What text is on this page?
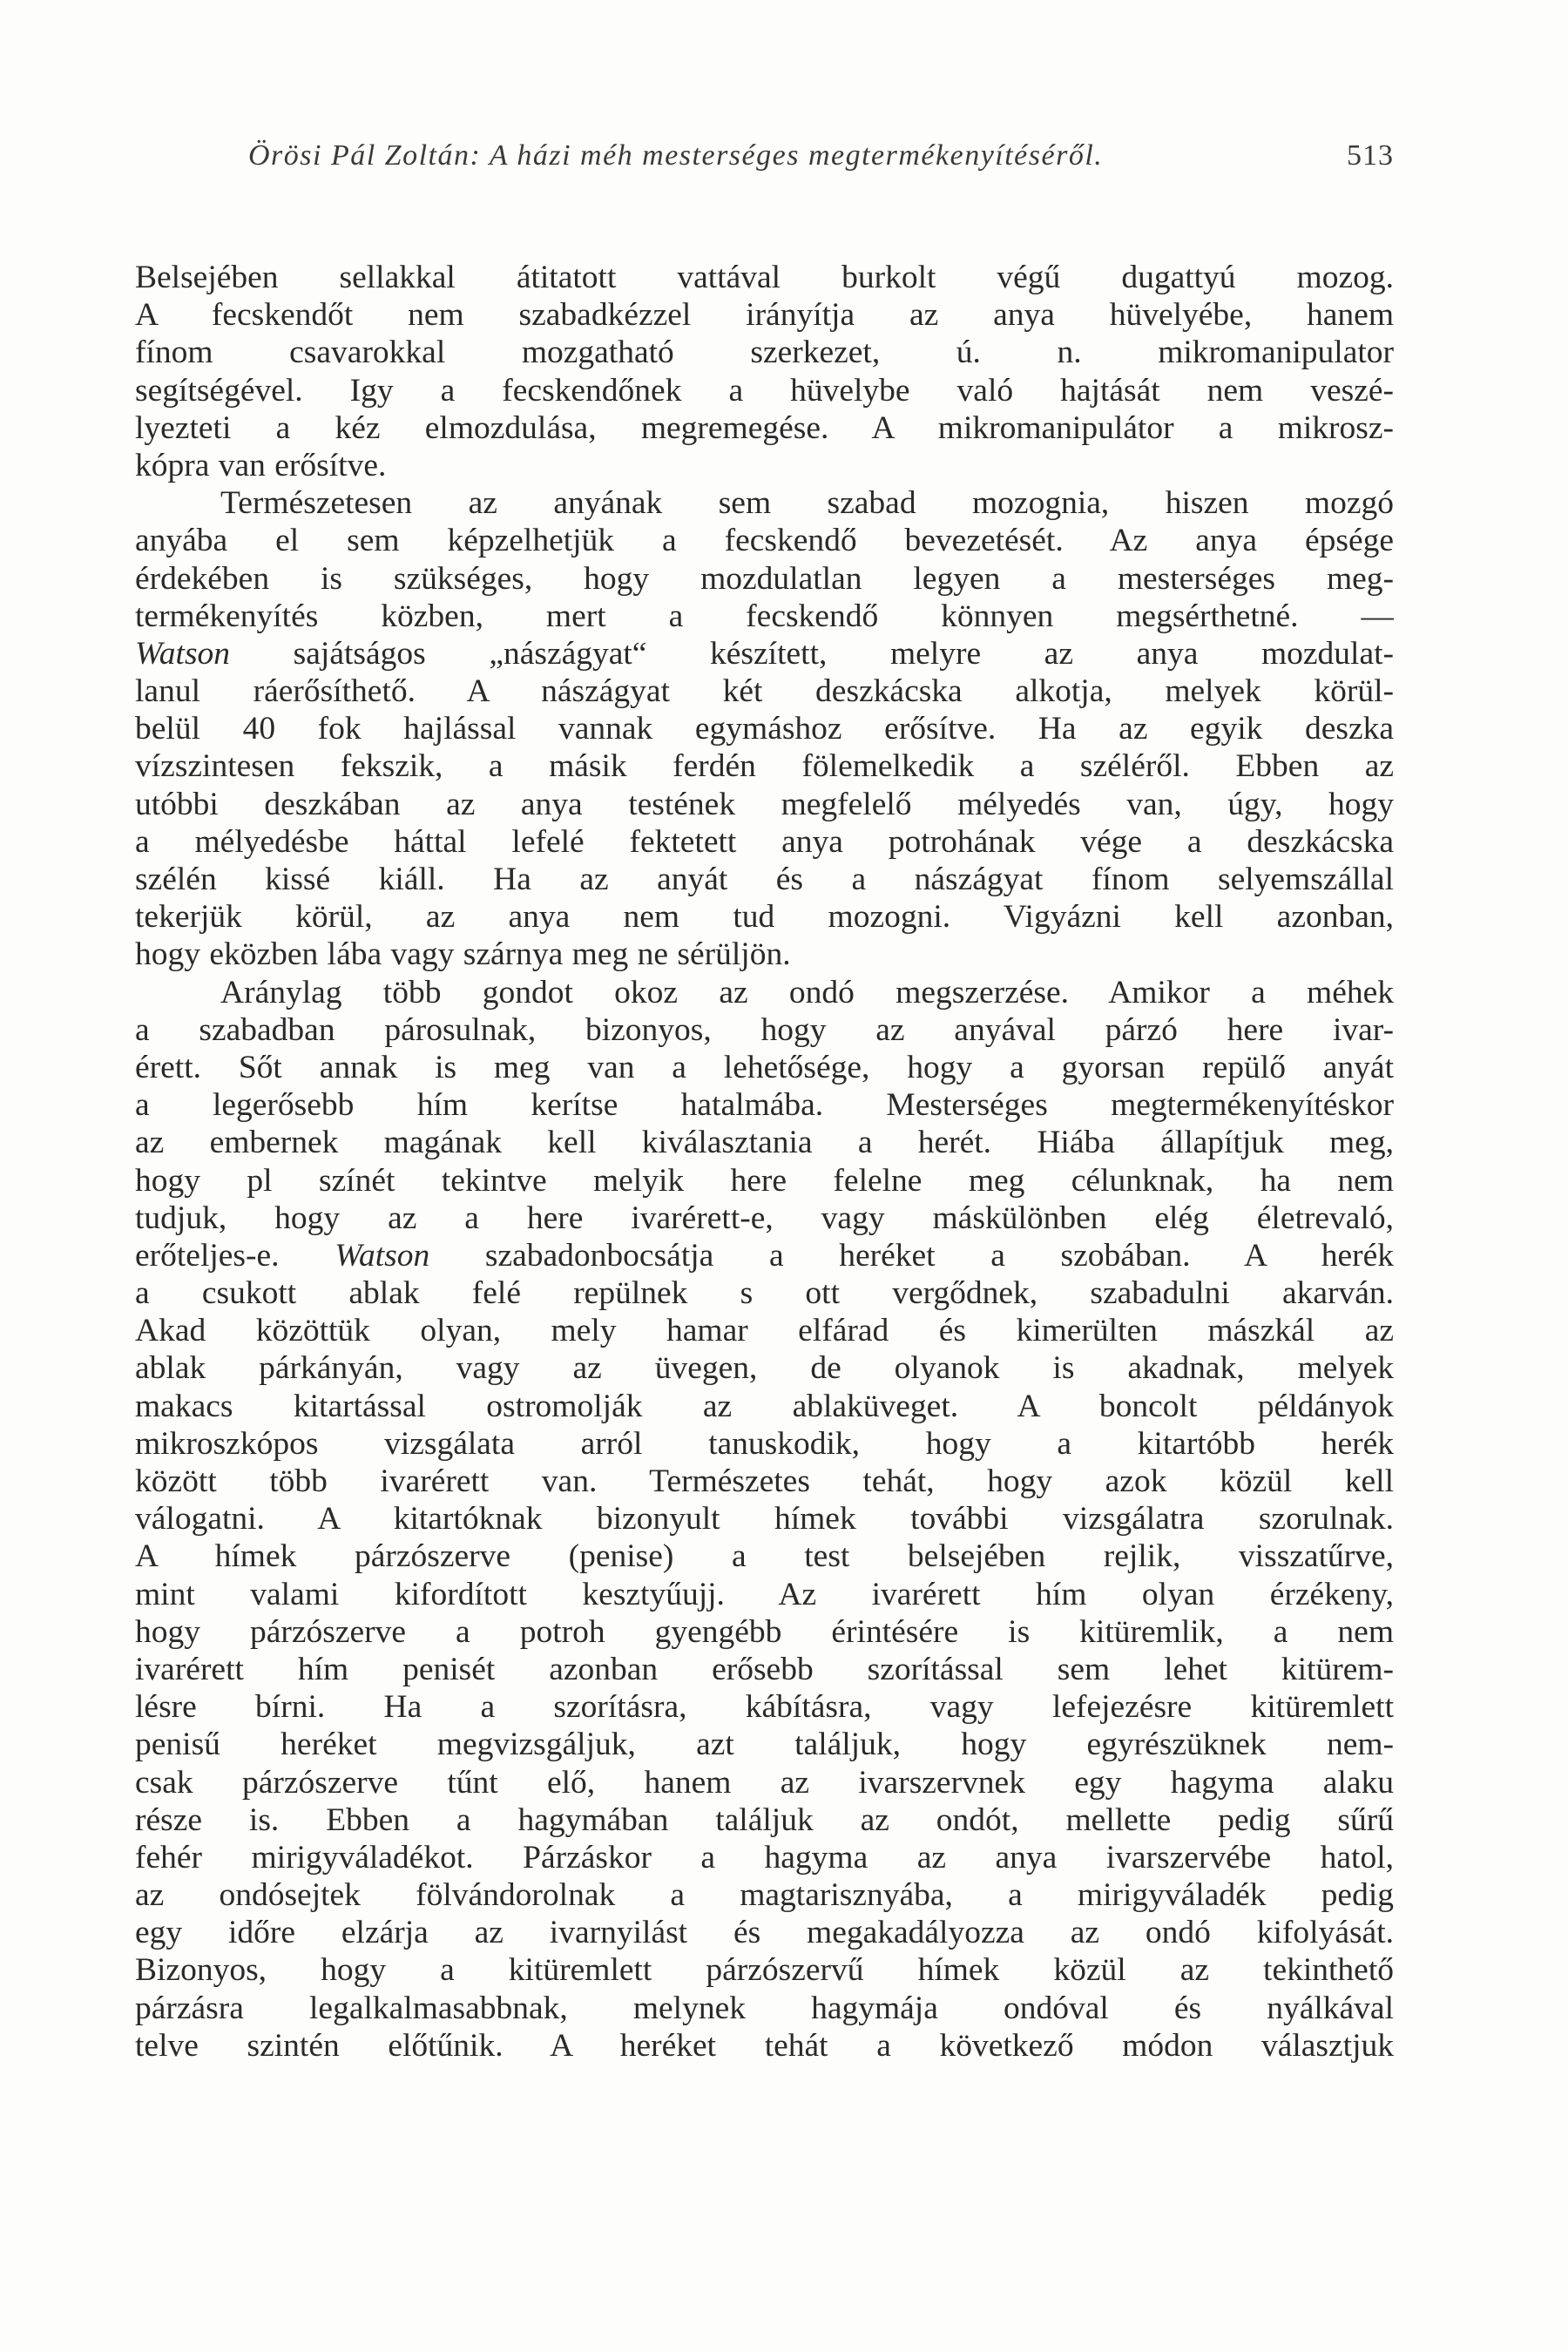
Örösi Pál Zoltán: A házi méh mesterséges megtermékenyítéséről.	513
Belsejében sellakkal átitatott vattával burkolt végű dugattyú mozog.
A fecskendőt nem szabadkézzel irányítja az anya hüvelyébe, hanem
fínom csavarokkal mozgatható szerkezet, ú. n. mikromanipulator
segítségével. Igy a fecskendőnek a hüvelybe való hajtását nem veszé-
lyezteti a kéz elmozdulása, megremegése. A mikromanipulátor a mikrosz-
kópra van erősítve.
Természetesen az anyának sem szabad mozognia, hiszen mozgó
anyába el sem képzelhetjük a fecskendő bevezetését. Az anya épsége
érdekében is szükséges, hogy mozdulatlan legyen a mesterséges meg-
termékenyítés közben, mert a fecskendő könnyen megsérthetné. —
Watson sajátságos „nászágyat“ készített, melyre az anya mozdulat-
lanul ráerősíthető. A nászágyat két deszkácska alkotja, melyek körül-
belül 40 fok hajlással vannak egymáshoz erősítve. Ha az egyik deszka
vízszintesen fekszik, a másik ferdén fölemelkedik a széléről. Ebben az
utóbbi deszkában az anya testének megfelelő mélyedés van, úgy, hogy
a mélyedésbe háttal lefelé fektetett anya potrohának vége a deszkácska
szélén kissé kiáll. Ha az anyát és a nászágyat fínom selyemszállal
tekerjük körül, az anya nem tud mozogni. Vigyázni kell azonban,
hogy eközben lába vagy szárnya meg ne sérüljön.
Aránylag több gondot okoz az ondó megszerzése. Amikor a méhek
a szabadban párosulnak, bizonyos, hogy az anyával párzó here ivar-
érett. Sőt annak is meg van a lehetősége, hogy a gyorsan repülő anyát
a legerősebb hím kerítse hatalmába. Mesterséges megtermékenyítéskor
az embernek magának kell kiválasztania a herét. Hiába állapítjuk meg,
hogy pl színét tekintve melyik here felelne meg célunknak, ha nem
tudjuk, hogy az a here ivarérett-e, vagy máskülönben elég életrevaló,
erőteljes-e. Watson szabadonbocsátja a heréket a szobában. A herék
a csukott ablak felé repülnek s ott vergődnek, szabadulni akarván.
Akad közöttük olyan, mely hamar elfárad és kimerülten mászkál az
ablak párkányán, vagy az üvegen, de olyanok is akadnak, melyek
makacs kitartással ostromolják az ablaküveget. A boncolt példányok
mikroszkópos vizsgálata arról tanuskodik, hogy a kitartóbb herék
között több ivarérett van. Természetes tehát, hogy azok közül kell
válogatni. A kitartóknak bizonyult hímek további vizsgálatra szorulnak.
A hímek párzószerve (penise) a test belsejében rejlik, visszatűrve,
mint valami kifordított kesztyűujj. Az ivarérett hím olyan érzékeny,
hogy párzószerve a potroh gyengébb érintésére is kitüremlik, a nem
ivarérett hím penisét azonban erősebb szorítással sem lehet kitürem-
lésre bírni. Ha a szorításra, kábításra, vagy lefejezésre kitüremlett
penisű heréket megvizsgáljuk, azt találjuk, hogy egyrészüknek nem-
csak párzószerve tűnt elő, hanem az ivarszervnek egy hagyma alaku
része is. Ebben a hagymában találjuk az ondót, mellette pedig sűrű
fehér mirigyváladékot. Párzáskor a hagyma az anya ivarszervébe hatol,
az ondósejtek fölvándorolnak a magtarisznyába, a mirigyváladék pedig
egy időre elzárja az ivarnyilást és megakadályozza az ondó kifolyását.
Bizonyos, hogy a kitüremlett párzószervű hímek közül az tekinthető
párzásra legalkalmasabbnak, melynek hagymája ondóval és nyálkával
telve szintén előtűnik. A heréket tehát a következő módon választjuk
